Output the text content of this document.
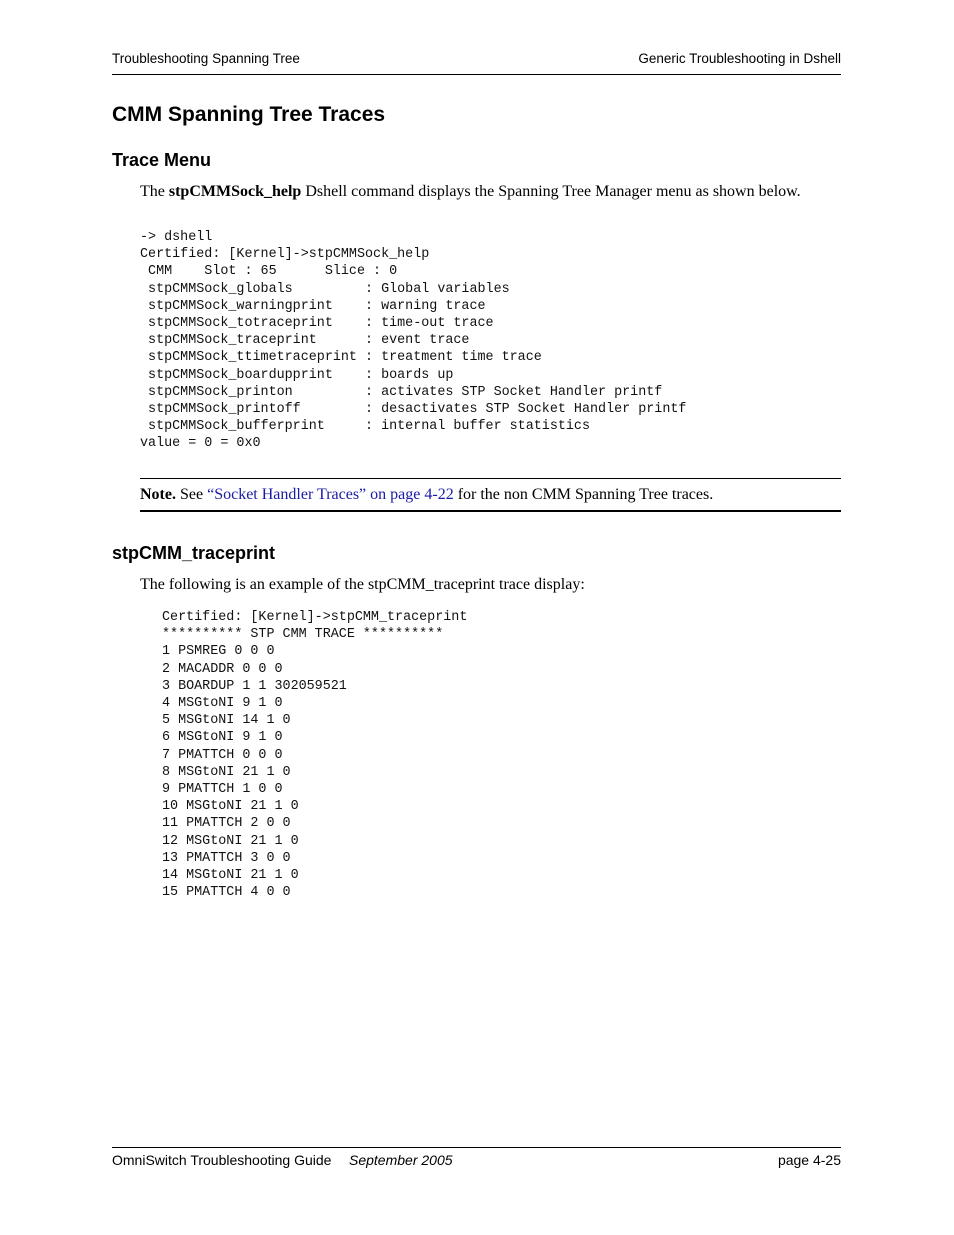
Troubleshooting Spanning Tree	Generic Troubleshooting in Dshell
CMM Spanning Tree Traces
Trace Menu

The stpCMMSock_help Dshell command displays the Spanning Tree Manager menu as shown below.

-> dshell
Certified: [Kernel]->stpCMMSock_help
CMM    Slot : 65      Slice : 0
stpCMMSock_globals         : Global variables
stpCMMSock_warningprint    : warning trace
stpCMMSock_totraceprint    : time-out trace
stpCMMSock_traceprint      : event trace
stpCMMSock_ttimetraceprint : treatment time trace
stpCMMSock_boardupprint    : boards up
stpCMMSock_printon         : activates STP Socket Handler printf
stpCMMSock_printoff        : desactivates STP Socket Handler printf
stpCMMSock_bufferprint     : internal buffer statistics
value = 0 = 0x0
Note. See “Socket Handler Traces” on page 4-22 for the non CMM Spanning Tree traces.
stpCMM_traceprint

The following is an example of the stpCMM_traceprint trace display:

Certified: [Kernel]->stpCMM_traceprint
********** STP CMM TRACE **********
1 PSMREG 0 0 0
2 MACADDR 0 0 0
3 BOARDUP 1 1 302059521
4 MSGtoNI 9 1 0
5 MSGtoNI 14 1 0
6 MSGtoNI 9 1 0
7 PMATTCH 0 0 0
8 MSGtoNI 21 1 0
9 PMATTCH 1 0 0
10 MSGtoNI 21 1 0
11 PMATTCH 2 0 0
12 MSGtoNI 21 1 0
13 PMATTCH 3 0 0
14 MSGtoNI 21 1 0
15 PMATTCH 4 0 0
OmniSwitch Troubleshooting Guide September 2005	page 4-25
